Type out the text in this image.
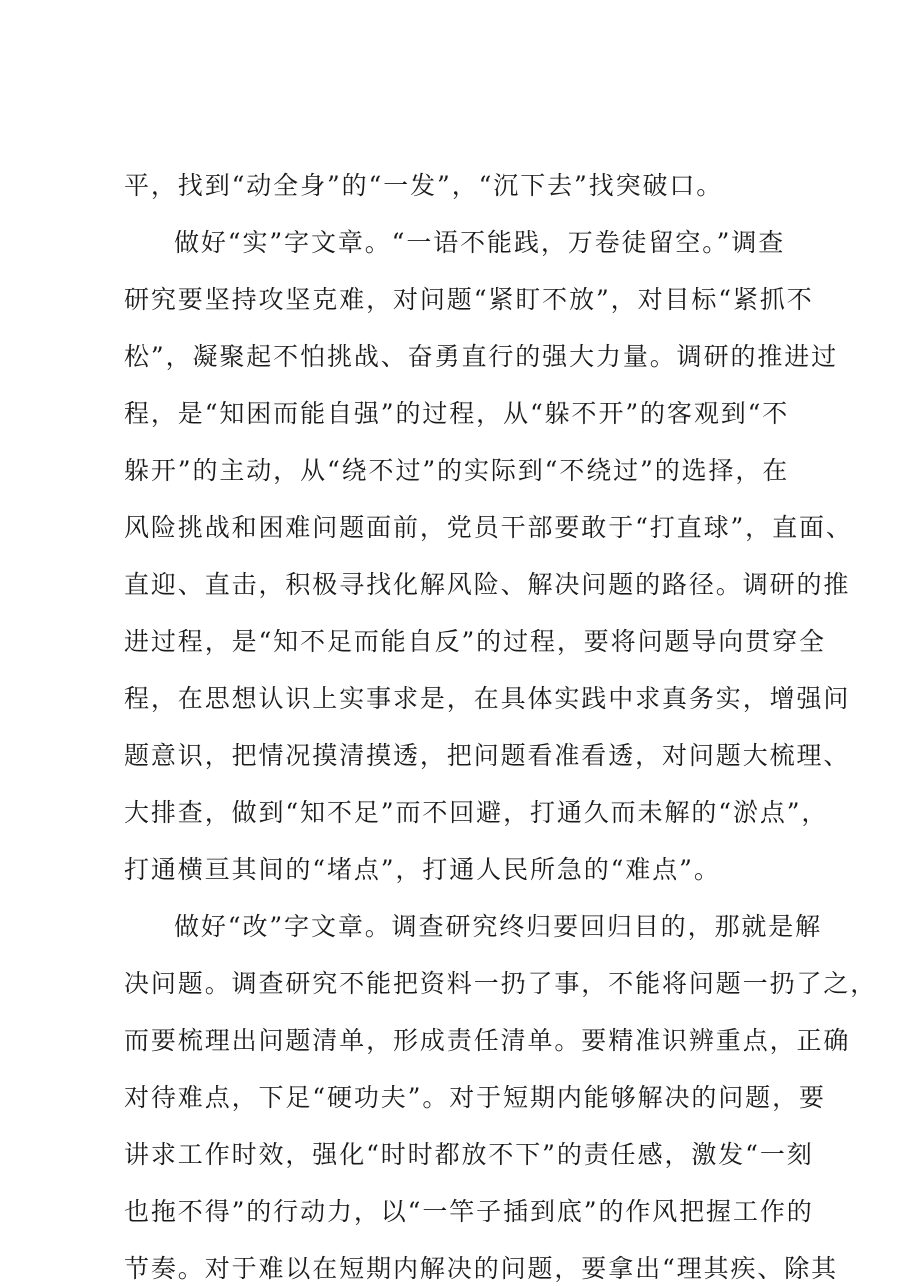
平，找到“动全身”的“一发”，“沉下去”找突破口。
做好“实”字文章。“一语不能践，万卷徒留空。”调查
研究要坚持攻坚克难，对问题“紧盯不放”，对目标“紧抓不
松”，凝聚起不怕挑战、奋勇直行的强大力量。调研的推进过
程，是“知困而能自强”的过程，从“躲不开”的客观到“不
躲开”的主动，从“绕不过”的实际到“不绕过”的选择，在
风险挑战和困难问题面前，党员干部要敢于“打直球”，直面、
直迎、直击，积极寻找化解风险、解决问题的路径。调研的推
进过程，是“知不足而能自反”的过程，要将问题导向贯穿全
程，在思想认识上实事求是，在具体实践中求真务实，增强问
题意识，把情况摸清摸透，把问题看准看透，对问题大梳理、
大排查，做到“知不足”而不回避，打通久而未解的“淤点”，
打通横亘其间的“堵点”，打通人民所急的“难点”。
做好“改”字文章。调查研究终归要回归目的，那就是解
决问题。调查研究不能把资料一扔了事，不能将问题一扔了之，
而要梳理出问题清单，形成责任清单。要精准识辨重点，正确
对待难点，下足“硬功夫”。对于短期内能够解决的问题，要
讲求工作时效，强化“时时都放不下”的责任感，激发“一刻
也拖不得”的行动力，以“一竿子插到底”的作风把握工作的
节奏。对于难以在短期内解决的问题，要拿出“理其疾、除其
